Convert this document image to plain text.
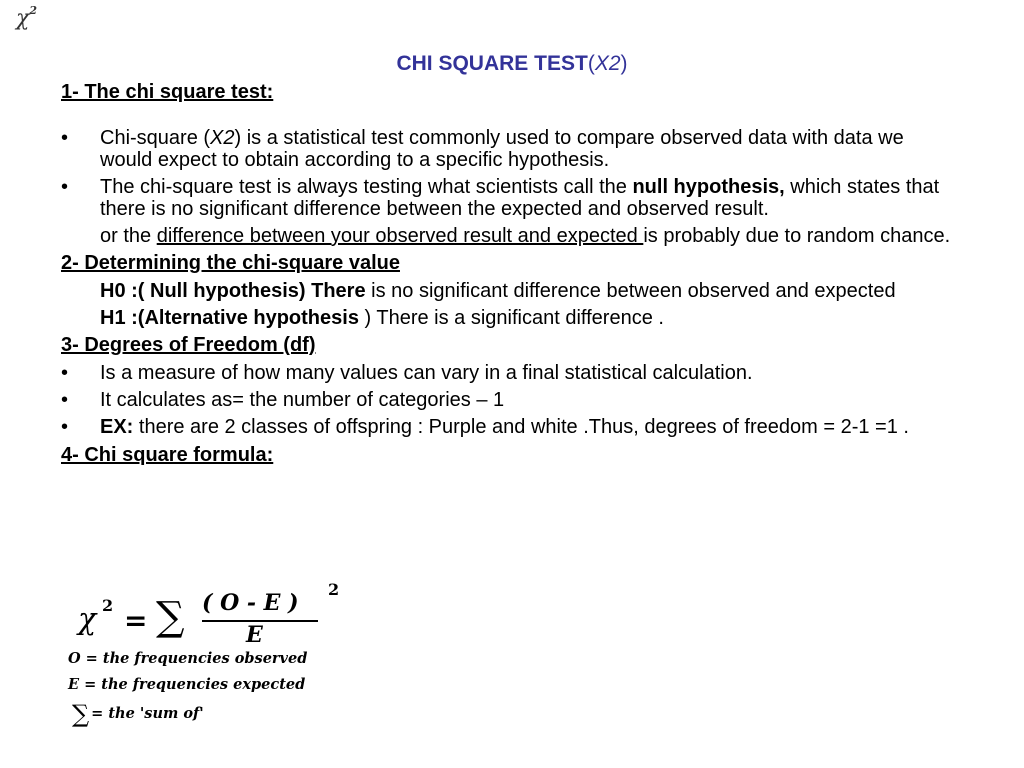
$\chi^2$
CHI SQUARE TEST(X2)

1- The chi square test:

• Chi-square (X2) is a statistical test commonly used to compare observed data with data we would expect to obtain according to a specific hypothesis.

• The chi-square test is always testing what scientists call the null hypothesis, which states that there is no significant difference between the expected and observed result.

or the difference between your observed result and expected is probably due to random chance.

2- Determining the chi-square value

H0 :( Null hypothesis) There is no significant difference between observed and expected

H1 :(Alternative hypothesis ) There is a significant difference .

3- Degrees of Freedom (df)

• Is a measure of how many values can vary in a final statistical calculation.

• It calculates as= the number of categories – 1

• EX: there are 2 classes of offspring : Purple and white .Thus, degrees of freedom = 2-1 =1 .

4- Chi square formula:

χ 2 = ∑ ( O - E )
2
E
O = the frequencies observed
E = the frequencies expected
∑ = the 'sum of'
